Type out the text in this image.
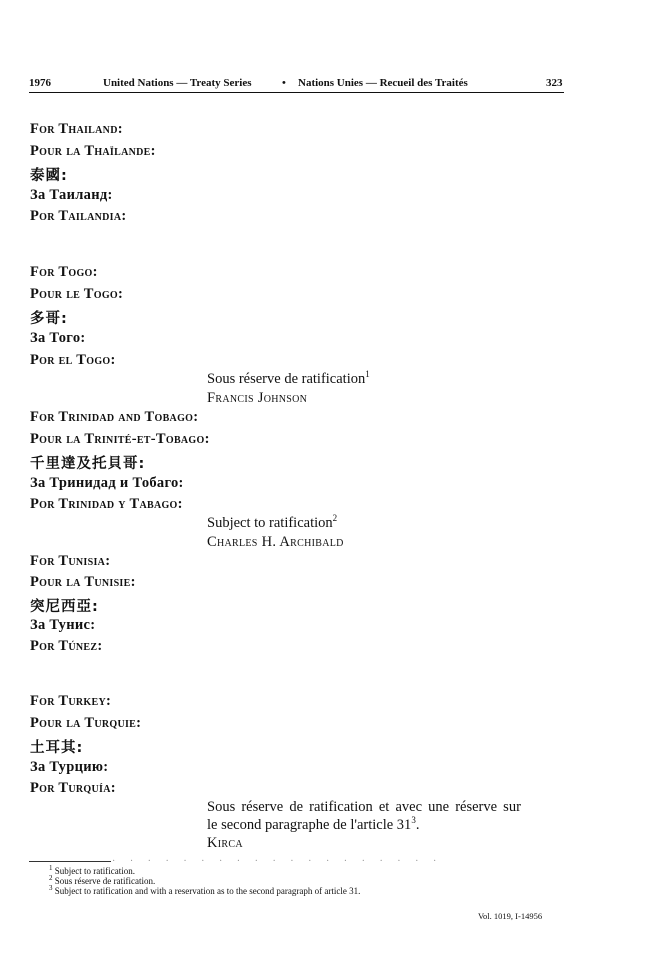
1976	United Nations — Treaty Series	• Nations Unies — Recueil des Traités	323
For Thailand:
Pour la Thaïlande:
泰國:
За Таиланд:
Por Tailandia:
For Togo:
Pour le Togo:
多哥:
За Того:
Por el Togo:
Sous réserve de ratification$^1$
Francis Johnson
For Trinidad and Tobago:
Pour la Trinité-et-Tobago:
千里達及托貝哥:
За Тринидад и Тобаго:
Por Trinidad y Tabago:
Subject to ratification$^2$
Charles H. Archibald
For Tunisia:
Pour la Tunisie:
突尼西亞:
За Тунис:
Por Túnez:
For Turkey:
Pour la Turquie:
土耳其:
За Турцию:
Por Turquía:
Sous réserve de ratification et avec une réserve sur
le second paragraphe de l'article $31^3$.
Kirca
· · · · · · · · · · · · · · · · · · ·
$^1$ Subject to ratification.
$^2$ Sous réserve de ratification.
$^3$ Subject to ratification and with a reservation as to the second paragraph of article 31.
Vol. 1019, I-14956
